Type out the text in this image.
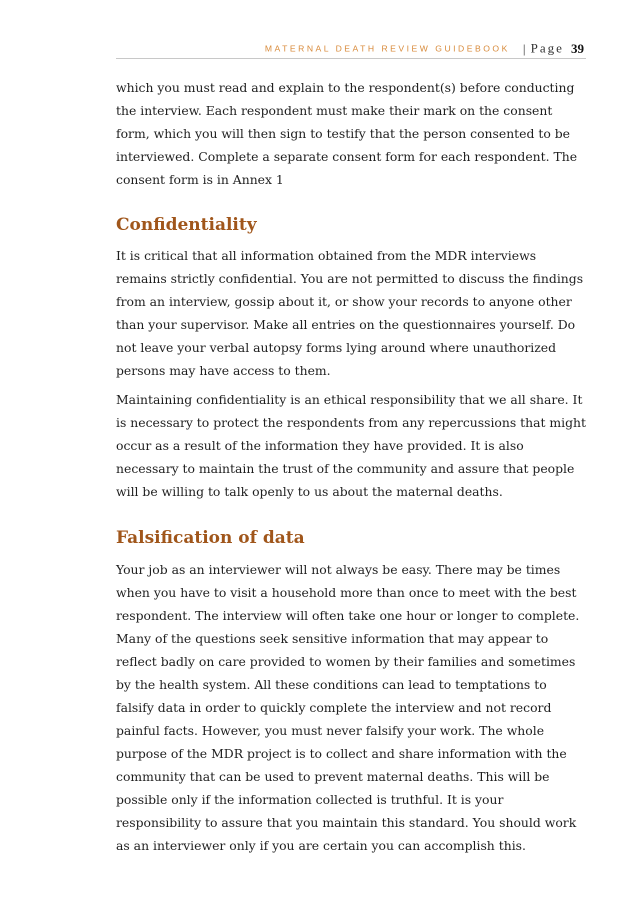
MATERNAL DEATH REVIEW GUIDEBOOK | Page 39

which you must read and explain to the respondent(s) before conducting the interview. Each respondent must make their mark on the consent form, which you will then sign to testify that the person consented to be interviewed. Complete a separate consent form for each respondent. The consent form is in Annex 1

Confidentiality

It is critical that all information obtained from the MDR interviews remains strictly confidential. You are not permitted to discuss the findings from an interview, gossip about it, or show your records to anyone other than your supervisor. Make all entries on the questionnaires yourself. Do not leave your verbal autopsy forms lying around where unauthorized persons may have access to them.

Maintaining confidentiality is an ethical responsibility that we all share. It is necessary to protect the respondents from any repercussions that might occur as a result of the information they have provided. It is also necessary to maintain the trust of the community and assure that people will be willing to talk openly to us about the maternal deaths.

Falsification of data

Your job as an interviewer will not always be easy. There may be times when you have to visit a household more than once to meet with the best respondent. The interview will often take one hour or longer to complete. Many of the questions seek sensitive information that may appear to reflect badly on care provided to women by their families and sometimes by the health system. All these conditions can lead to temptations to falsify data in order to quickly complete the interview and not record painful facts. However, you must never falsify your work. The whole purpose of the MDR project is to collect and share information with the community that can be used to prevent maternal deaths. This will be possible only if the information collected is truthful. It is your responsibility to assure that you maintain this standard. You should work as an interviewer only if you are certain you can accomplish this.
